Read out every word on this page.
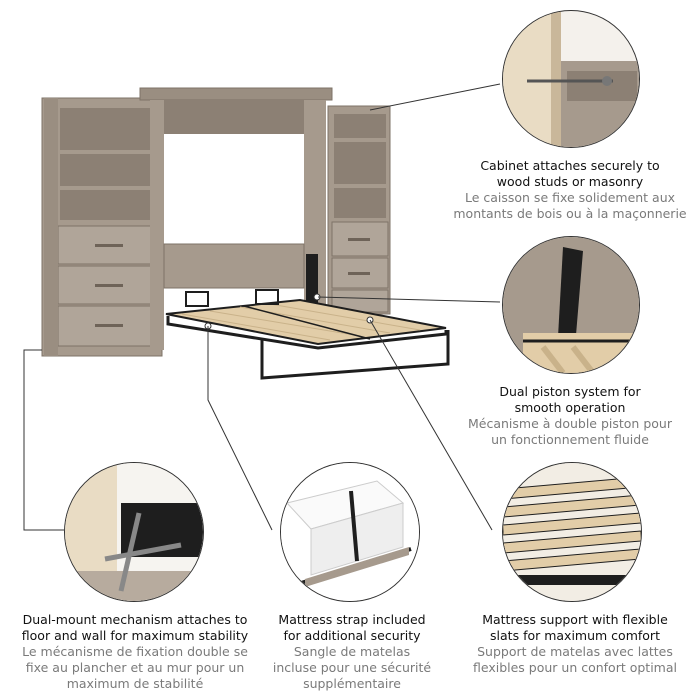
Cabinet attaches securely to
wood studs or masonry
Le caisson se fixe solidement aux
montants de bois ou à la maçonnerie
Dual piston system for
smooth operation
Mécanisme à double piston pour
un fonctionnement fluide
Dual-mount mechanism attaches to
floor and wall for maximum stability
Le mécanisme de fixation double se
fixe au plancher et au mur pour un
maximum de stabilité
Mattress strap included
for additional security
Sangle de matelas
incluse pour une sécurité
supplémentaire
Mattress support with flexible
slats for maximum comfort
Support de matelas avec lattes
flexibles pour un confort optimal
